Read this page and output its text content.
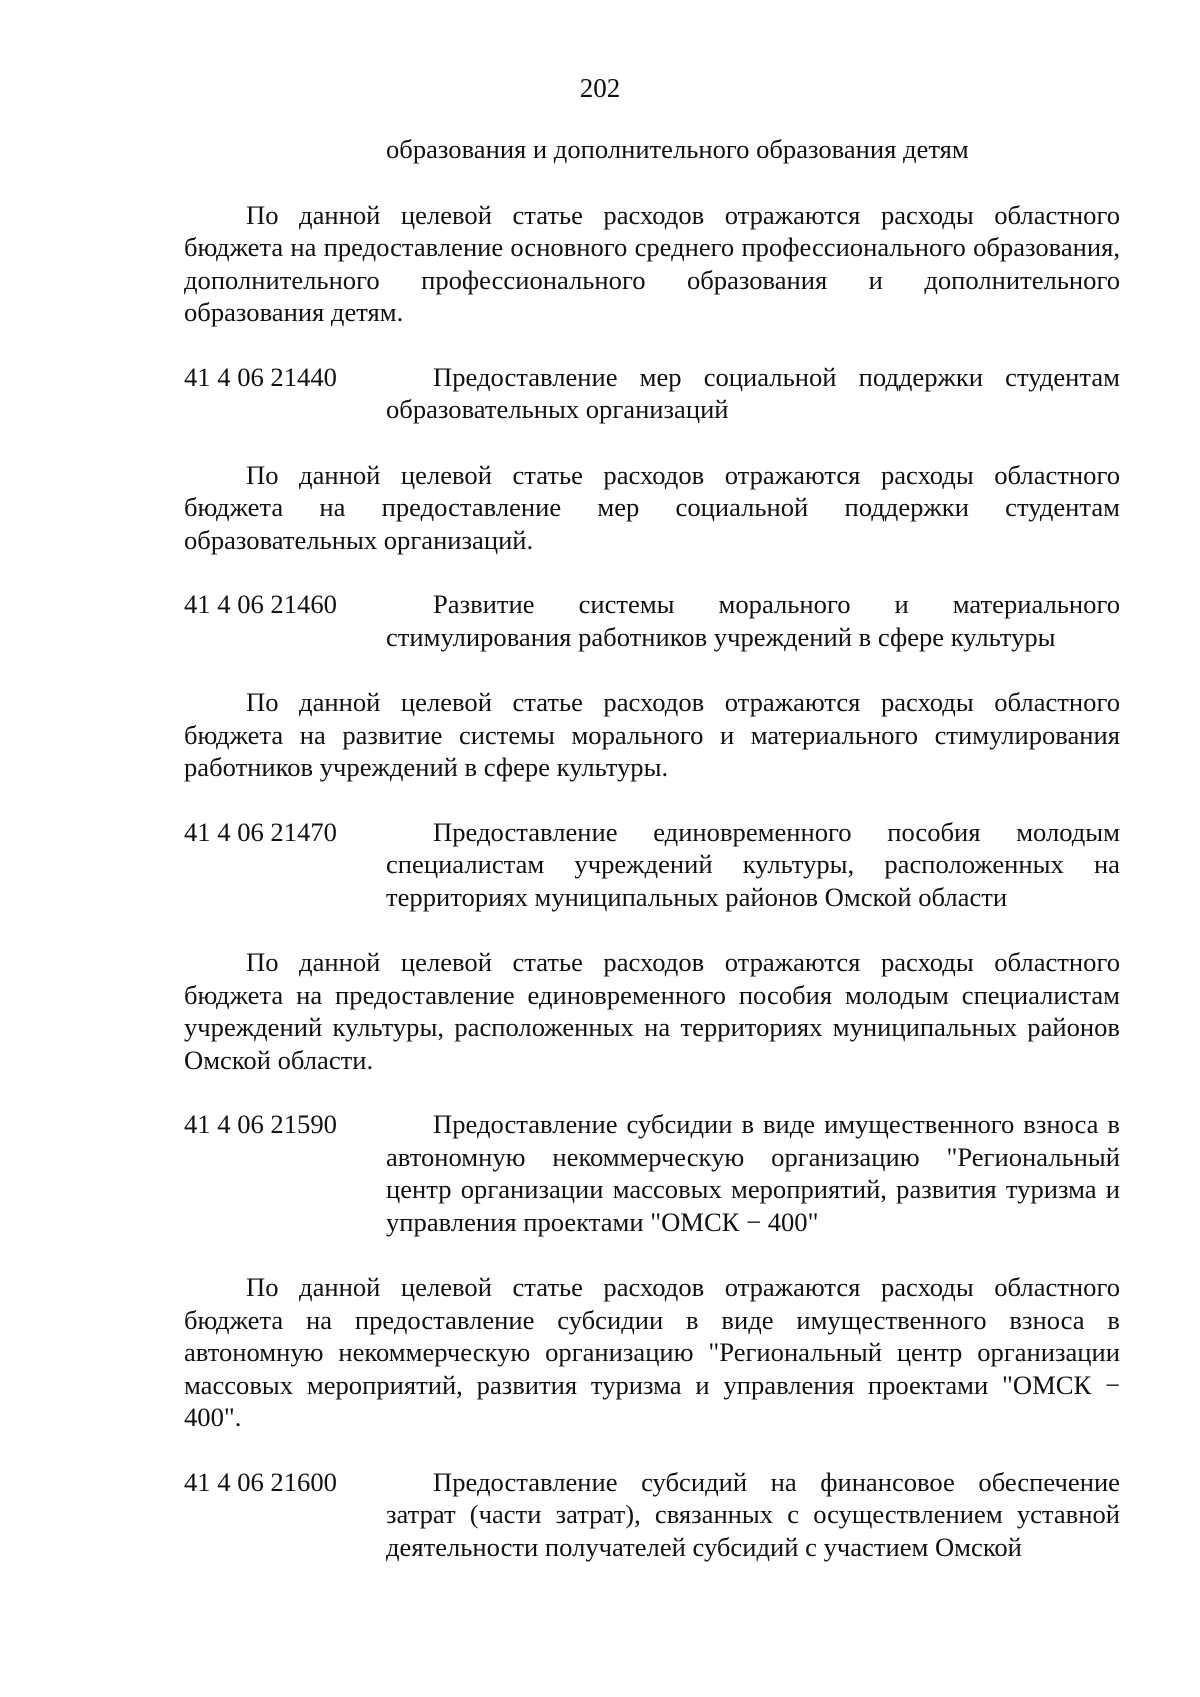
202
образования и дополнительного образования детям
По данной целевой статье расходов отражаются расходы областного бюджета на предоставление основного среднего профессионального образования, дополнительного профессионального образования и дополнительного образования детям.
41 4 06 21440	Предоставление мер социальной поддержки студентам образовательных организаций
По данной целевой статье расходов отражаются расходы областного бюджета на предоставление мер социальной поддержки студентам образовательных организаций.
41 4 06 21460	Развитие системы морального и материального стимулирования работников учреждений в сфере культуры
По данной целевой статье расходов отражаются расходы областного бюджета на развитие системы морального и материального стимулирования работников учреждений в сфере культуры.
41 4 06 21470	Предоставление единовременного пособия молодым специалистам учреждений культуры, расположенных на территориях муниципальных районов Омской области
По данной целевой статье расходов отражаются расходы областного бюджета на предоставление единовременного пособия молодым специалистам учреждений культуры, расположенных на территориях муниципальных районов Омской области.
41 4 06 21590	Предоставление субсидии в виде имущественного взноса в автономную некоммерческую организацию "Региональный центр организации массовых мероприятий, развития туризма и управления проектами "ОМСК − 400"
По данной целевой статье расходов отражаются расходы областного бюджета на предоставление субсидии в виде имущественного взноса в автономную некоммерческую организацию "Региональный центр организации массовых мероприятий, развития туризма и управления проектами "ОМСК − 400".
41 4 06 21600	Предоставление субсидий на финансовое обеспечение затрат (части затрат), связанных с осуществлением уставной деятельности получателей субсидий с участием Омской
